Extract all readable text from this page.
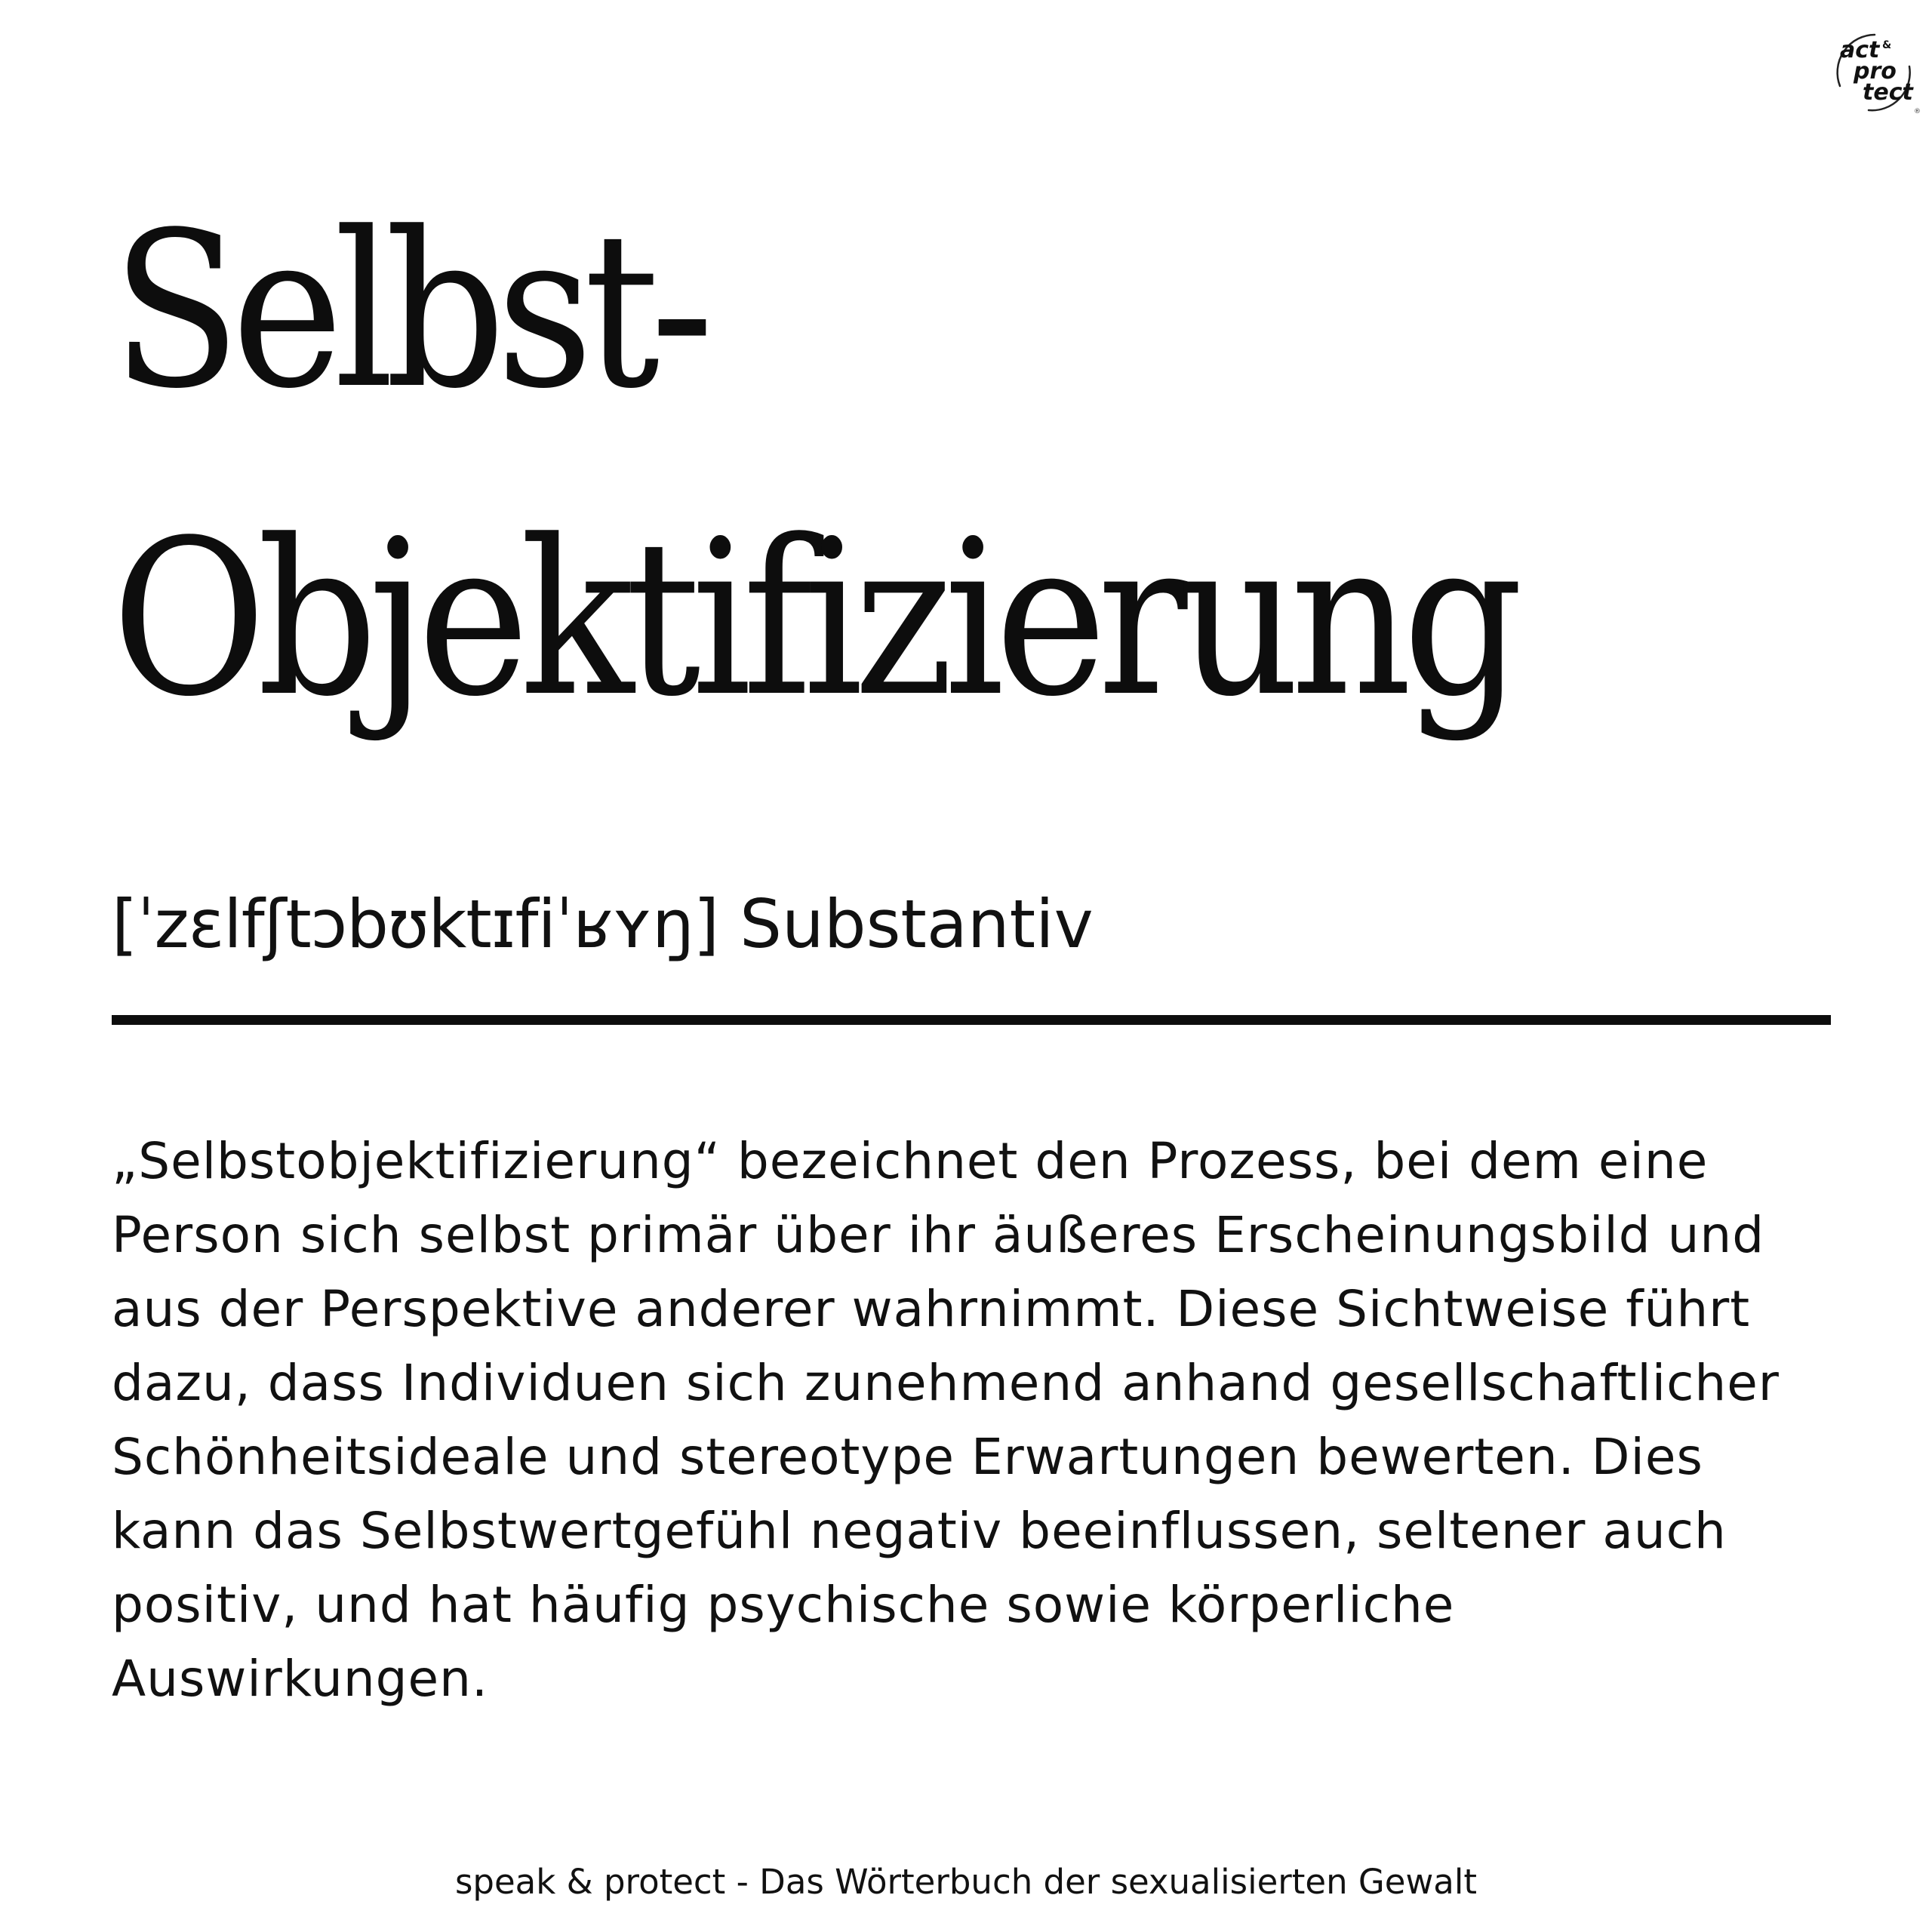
act &
pro
tect
®
Selbst-
Objektifizierung
[ˈzɛlfʃtɔbʊktɪfiˈʁʏŋ] Substantiv

„Selbstobjektifizierung“ bezeichnet den Prozess, bei dem eine Person sich selbst primär über ihr äußeres Erscheinungsbild und aus der Perspektive anderer wahrnimmt. Diese Sichtweise führt dazu, dass Individuen sich zunehmend anhand gesellschaftlicher Schönheitsideale und stereotype Erwartungen bewerten. Dies kann das Selbstwertgefühl negativ beeinflussen, seltener auch positiv, und hat häufig psychische sowie körperliche Auswirkungen.

speak & protect - Das Wörterbuch der sexualisierten Gewalt
